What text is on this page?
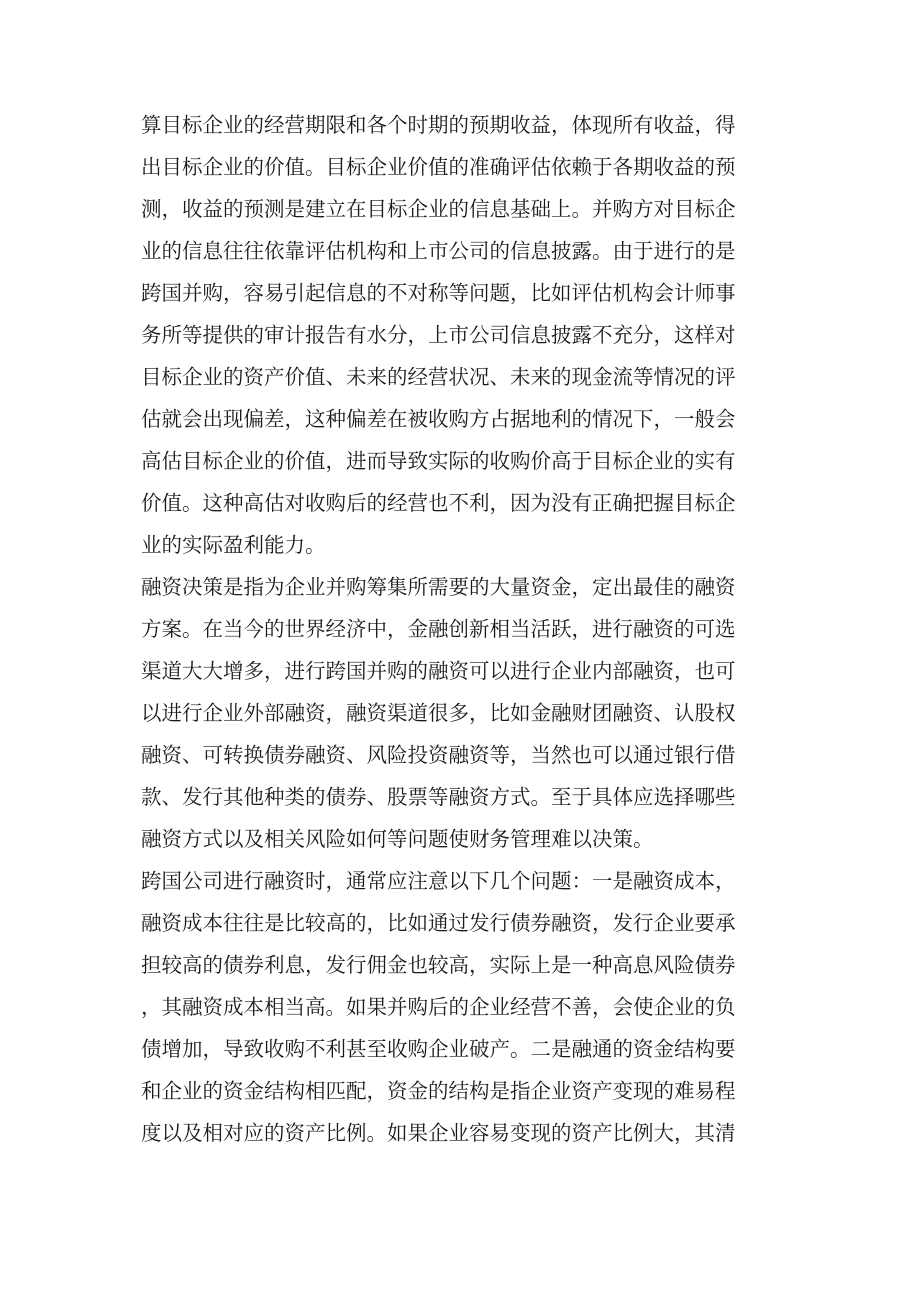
算目标企业的经营期限和各个时期的预期收益，体现所有收益，得
出目标企业的价值。目标企业价值的准确评估依赖于各期收益的预
测，收益的预测是建立在目标企业的信息基础上。并购方对目标企
业的信息往往依靠评估机构和上市公司的信息披露。由于进行的是
跨国并购，容易引起信息的不对称等问题，比如评估机构会计师事
务所等提供的审计报告有水分，上市公司信息披露不充分，这样对
目标企业的资产价值、未来的经营状况、未来的现金流等情况的评
估就会出现偏差，这种偏差在被收购方占据地利的情况下，一般会
高估目标企业的价值，进而导致实际的收购价高于目标企业的实有
价值。这种高估对收购后的经营也不利，因为没有正确把握目标企
业的实际盈利能力。
融资决策是指为企业并购筹集所需要的大量资金，定出最佳的融资
方案。在当今的世界经济中，金融创新相当活跃，进行融资的可选
渠道大大增多，进行跨国并购的融资可以进行企业内部融资，也可
以进行企业外部融资，融资渠道很多，比如金融财团融资、认股权
融资、可转换债券融资、风险投资融资等，当然也可以通过银行借
款、发行其他种类的债券、股票等融资方式。至于具体应选择哪些
融资方式以及相关风险如何等问题使财务管理难以决策。
跨国公司进行融资时，通常应注意以下几个问题：一是融资成本，
融资成本往往是比较高的，比如通过发行债券融资，发行企业要承
担较高的债券利息，发行佣金也较高，实际上是一种高息风险债券
，其融资成本相当高。如果并购后的企业经营不善，会使企业的负
债增加，导致收购不利甚至收购企业破产。二是融通的资金结构要
和企业的资金结构相匹配，资金的结构是指企业资产变现的难易程
度以及相对应的资产比例。如果企业容易变现的资产比例大，其清
